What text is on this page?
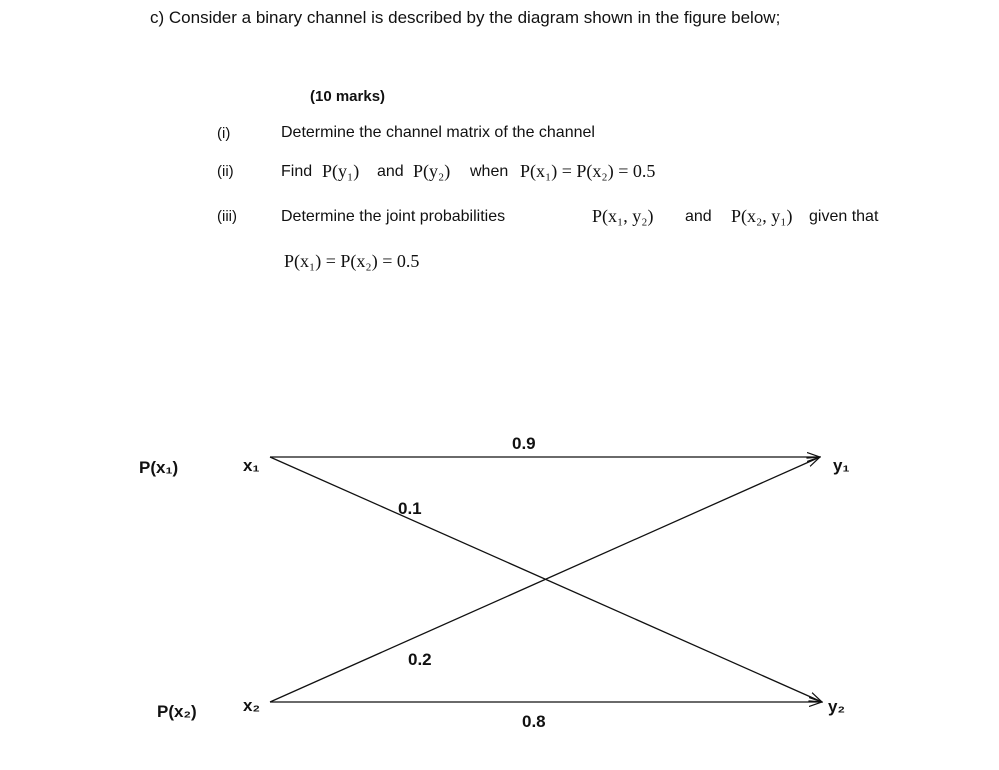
c) Consider a binary channel is described by the diagram shown in the figure below;
(10 marks)
(i)	Determine the channel matrix of the channel
(ii)	Find P(y₁) and P(y₂) when P(x₁) = P(x₂) = 0.5
(iii)	Determine the joint probabilities	P(x₁, y₂) and P(x₂, y₁) given that
P(x₁) = P(x₂) = 0.5
P(x₁)
P(x₂)
x₁
x₂
y₁
y₂
0.9
0.1
0.2
0.8
